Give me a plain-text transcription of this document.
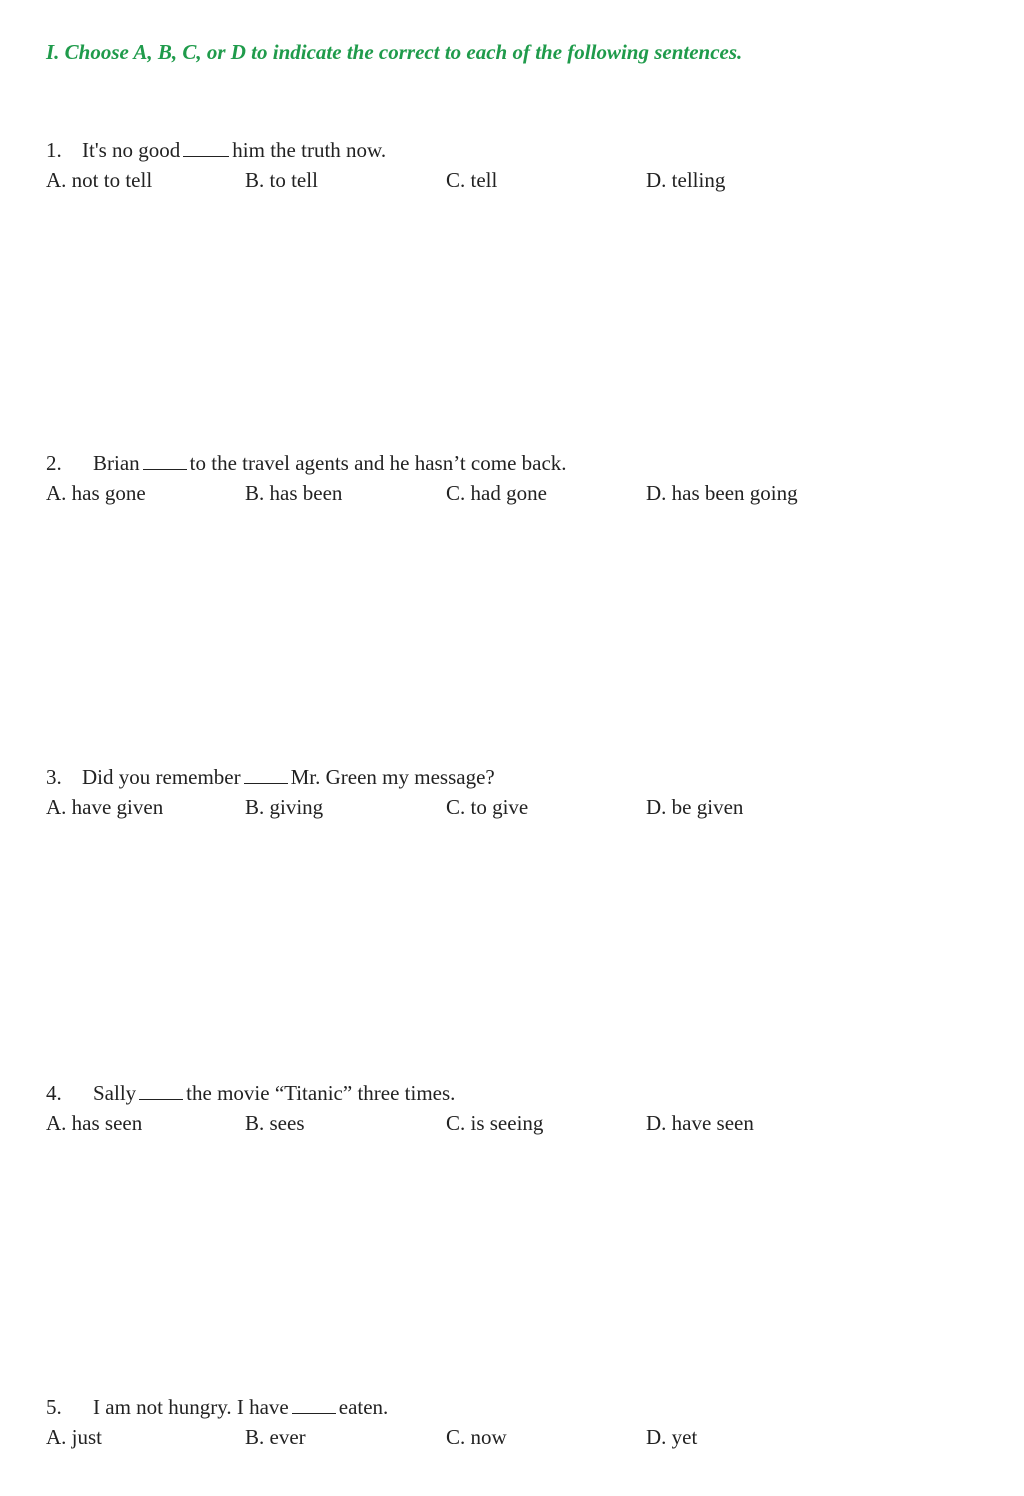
I. Choose A, B, C, or D to indicate the correct to each of the following sentences.
1. It's no good him the truth now.
A. not to tell	B. to tell	C. tell	D. telling
2. Brian to the travel agents and he hasn’t come back.
A. has gone	B. has been	C. had gone	D. has been going
3. Did you remember Mr. Green my message?
A. have given	B. giving	C. to give	D. be given
4. Sally the movie “Titanic” three times.
A. has seen	B. sees	C. is seeing	D. have seen
5. I am not hungry. I have eaten.
A. just	B. ever	C. now	D. yet
